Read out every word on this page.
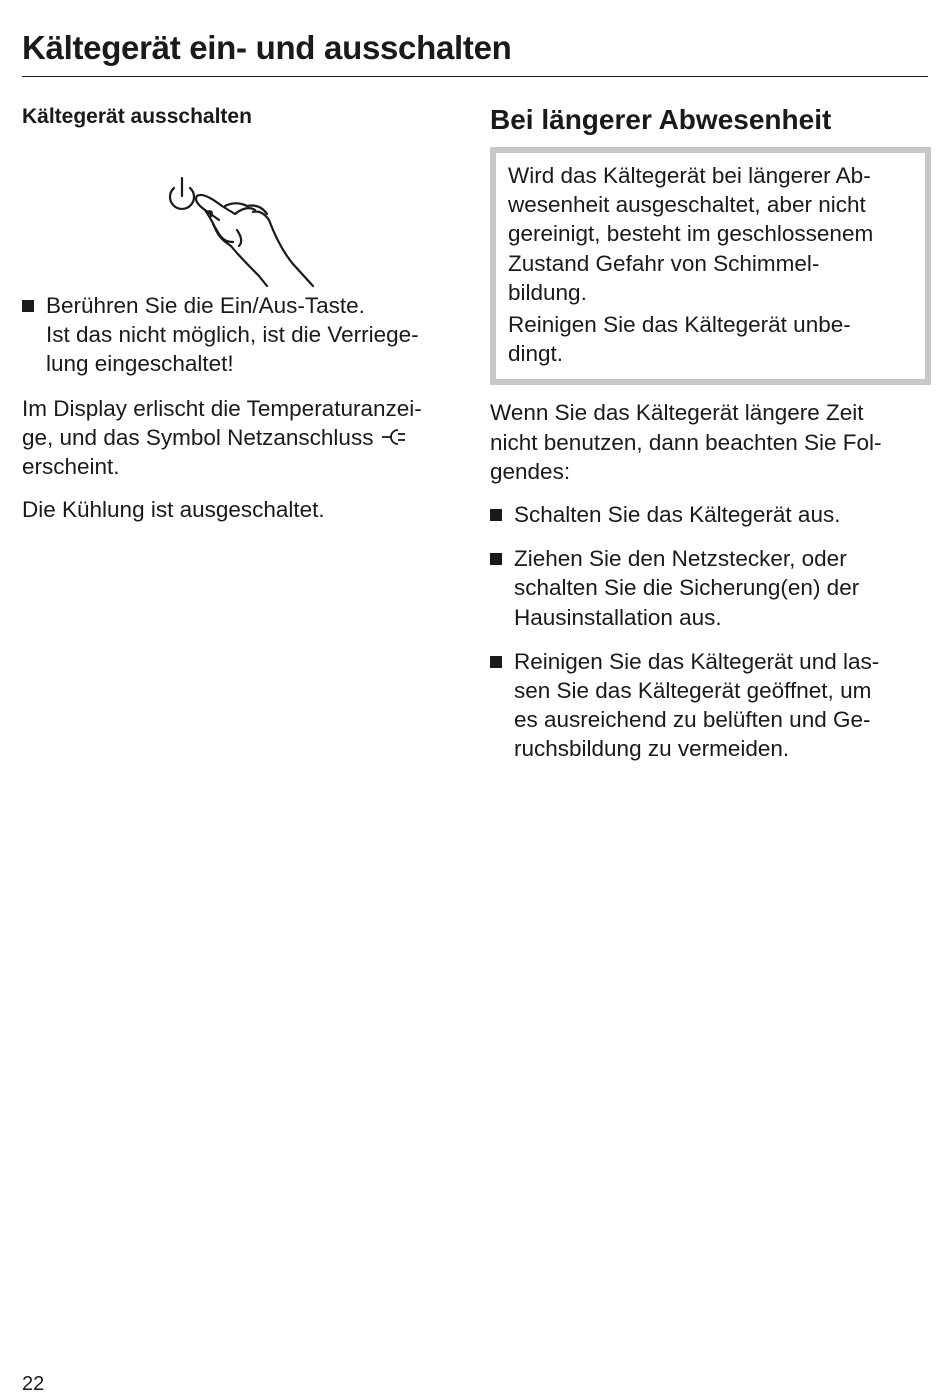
Kältegerät ein- und ausschalten
Kältegerät ausschalten

Berühren Sie die Ein/Aus-Taste.

Ist das nicht möglich, ist die Verriege-

lung eingeschaltet!

Im Display erlischt die Temperaturanzei-

ge, und das Symbol Netzanschluss

erscheint.

Die Kühlung ist ausgeschaltet.

Bei längerer Abwesenheit

Wird das Kältegerät bei längerer Ab-

wesenheit ausgeschaltet, aber nicht

gereinigt, besteht im geschlossenem

Zustand Gefahr von Schimmel-

bildung.

Reinigen Sie das Kältegerät unbe-

dingt.

Wenn Sie das Kältegerät längere Zeit

nicht benutzen, dann beachten Sie Fol-

gendes:

Schalten Sie das Kältegerät aus.

Ziehen Sie den Netzstecker, oder

schalten Sie die Sicherung(en) der

Hausinstallation aus.

Reinigen Sie das Kältegerät und las-

sen Sie das Kältegerät geöffnet, um

es ausreichend zu belüften und Ge-

ruchsbildung zu vermeiden.

22
